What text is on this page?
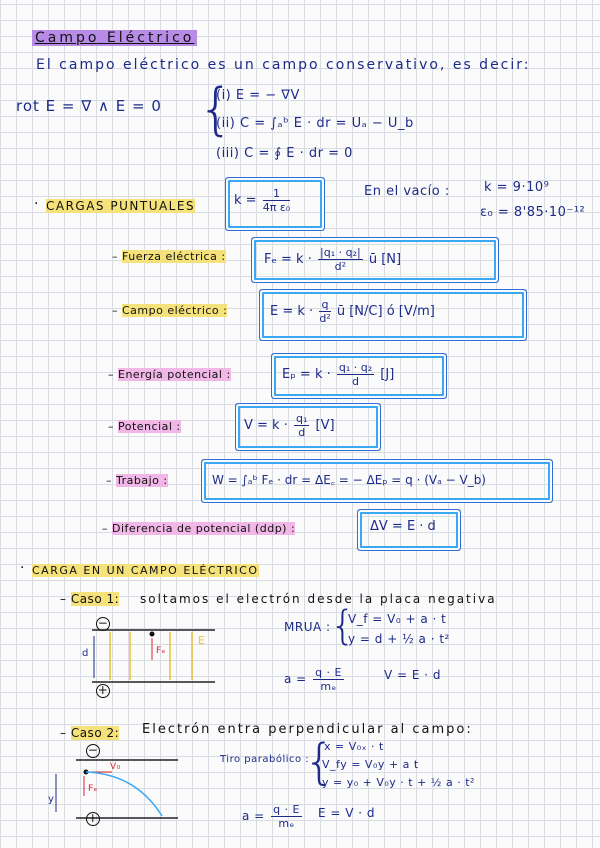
Campo Eléctrico
El campo eléctrico es un campo conservativo, es decir:
rot E = ∇ ∧ E = 0 {
(i) E = − ∇V
(ii) C = ∫ₐᵇ E · dr = Uₐ − U_b
(iii) C = ∮ E · dr = 0
· CARGAS PUNTUALES	$k = \frac{1}{\text{4π ε₀}}$	En el vacío :	k = 9·10⁹
ε₀ = 8'85·10⁻¹²
– Fuerza eléctrica :	$F_e = k \cdot \frac{\text{|q₁ · q₂|}}{\text{d²}}$ ū [N]
– Campo eléctrico :	$E = k \cdot \frac{q}{\text{d²}}$ ū [N/C] ó [V/m]
– Energía potencial :	$E_p = k \cdot \frac{\text{q₁ · q₂}}{d} [J]$
– Potencial :	$V = k \cdot \frac{\text{q₁}}{d} [V]$
– Trabajo :	W = ∫ₐᵇ Fₑ · dr = ΔE꜀ = − ΔEₚ = q · (Vₐ − V_b)
– Diferencia de potencial (ddp) :	ΔV = E · d
· CARGA EN UN CAMPO ELÉCTRICO
– Caso 1: soltamos el electrón desde la placa negativa
−
+
d
E
Fₑ
MRUA : {
V_f = V₀ + a · t
y = d + ½ a · t²
$a = \frac{q \cdot E}{\text{mₑ}}$	V = E · d
– Caso 2: Electrón entra perpendicular al campo:
−
+
V₀
Fₑ
y
Tiro parabólico :
{
x = V₀ₓ · t
V_fy = V₀y + a t
y = y₀ + V₀y · t + ½ a · t²
$a = \frac{q \cdot E}{\text{mₑ}}$ E = V · d
